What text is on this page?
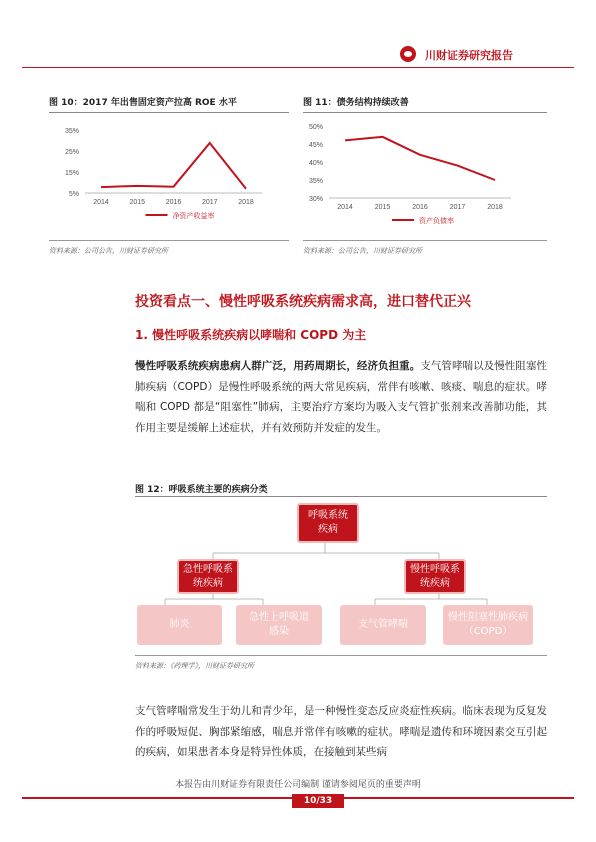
川财证券研究报告
图 10：2017 年出售固定资产拉高 ROE 水平
5%
15%
25%
35%
2014	2015	2016	2017	2018
净资产收益率
资料来源：公司公告，川财证券研究所
图 11：债务结构持续改善
30%
35%
40%
45%
50%
2014	2015	2016	2017	2018
资产负债率
资料来源：公司公告，川财证券研究所
投资看点一、慢性呼吸系统疾病需求高，进口替代正兴
1. 慢性呼吸系统疾病以哮喘和 COPD 为主
慢性呼吸系统疾病患病人群广泛，用药周期长，经济负担重。支气管哮喘以及慢性阻塞性肺疾病（COPD）是慢性呼吸系统的两大常见疾病，常伴有咳嗽、咳痰、喘息的症状。哮喘和 COPD 都是“阻塞性”肺病，主要治疗方案均为吸入支气管扩张剂来改善肺功能，其作用主要是缓解上述症状，并有效预防并发症的发生。
图 12：呼吸系统主要的疾病分类
呼吸系统疾病
急性呼吸系统疾病
慢性呼吸系统疾病
肺炎
急性上呼吸道感染
支气管哮喘
慢性阻塞性肺疾病（COPD）
资料来源：《药理学》，川财证券研究所
支气管哮喘常发生于幼儿和青少年，是一种慢性变态反应炎症性疾病。临床表现为反复发作的呼吸短促、胸部紧缩感，喘息并常伴有咳嗽的症状。哮喘是遗传和环境因素交互引起的疾病，如果患者本身是特异性体质，在接触到某些病
本报告由川财证券有限责任公司编制 谨请参阅尾页的重要声明
10/33
